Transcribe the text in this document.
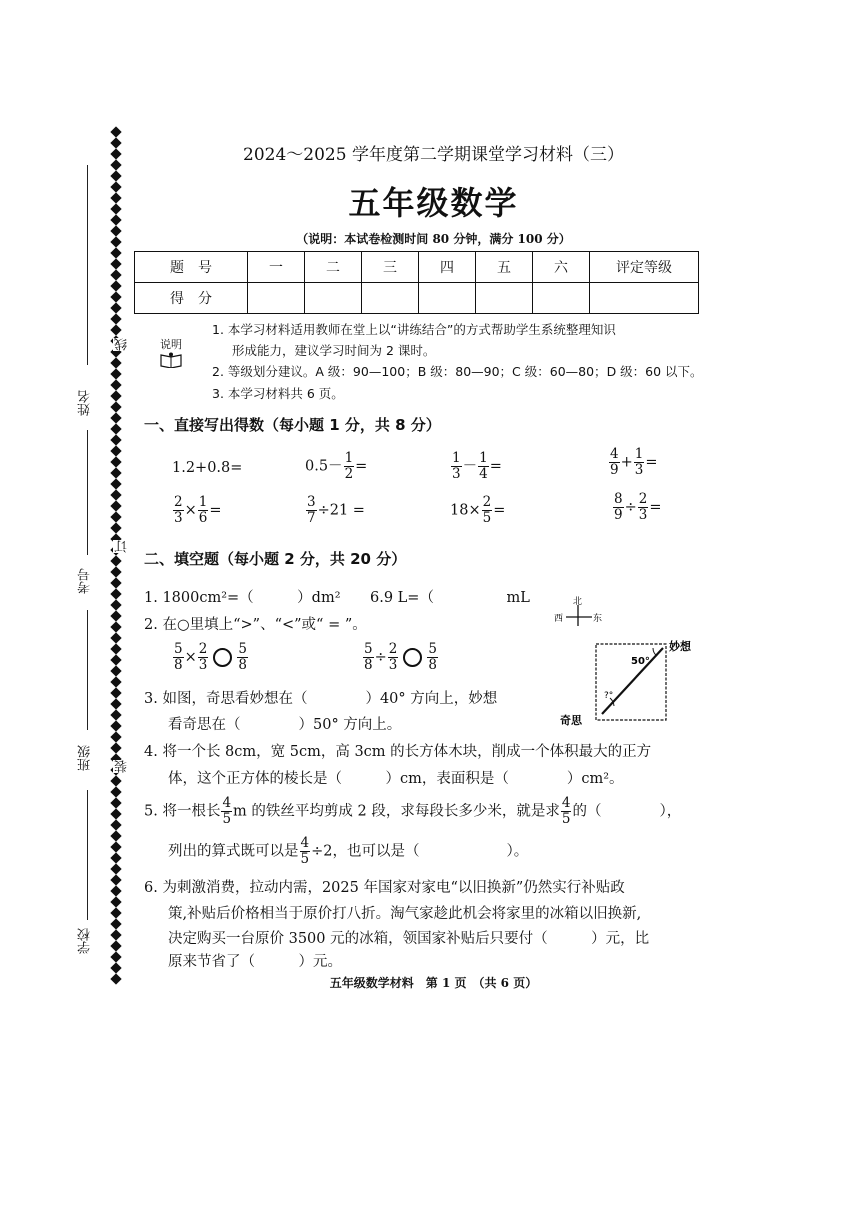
姓名
考号
班级
学校
线
订
装
2024～2025 学年度第二学期课堂学习材料（三）
五年级数学
（说明：本试卷检测时间 80 分钟，满分 100 分）
题　号	一	二	三	四	五	六	评定等级
得　分							
说明
1. 本学习材料适用教师在堂上以“讲练结合”的方式帮助学生系统整理知识
形成能力，建议学习时间为 2 课时。
2. 等级划分建议。A 级：90—100；B 级：80—90；C 级：60—80；D 级：60 以下。
3. 本学习材料共 6 页。
一、直接写出得数（每小题 1 分，共 8 分）
1.2+0.8=	$0.5- \frac{1}{2}$ =	$\frac{1}{3} - \frac{1}{4}$ =	$\frac{4}{9} + \frac{1}{3}$ =
$\frac{2}{3} \times \frac{1}{6}$ =	$\frac{3}{7} \div 21$ =	$18\times \frac{2}{5}$ =	$\frac{8}{9} \div \frac{2}{3}$ =
二、填空题（每小题 2 分，共 20 分）
1. 1800cm²=（　　　）dm² 6.9 L=（　　　　　mL
2. 在○里填上“>”、“<”或“ = ”。
$\frac{5}{8} \times \frac{2}{3} \frac{5}{8}$	$\frac{5}{8} \div \frac{2}{3} \frac{5}{8}$
3. 如图，奇思看妙想在（　　　　）40° 方向上，妙想
看奇思在（　　　　）50° 方向上。
北
西	东
妙想
50°
?°
奇思
4. 将一个长 8cm，宽 5cm，高 3cm 的长方体木块，削成一个体积最大的正方
体，这个正方体的棱长是（　　　）cm，表面积是（　　　　）cm²。
5. 将一根长 $\frac{4}{5}$ m 的铁丝平均剪成 2 段，求每段长多少米，就是求 $\frac{4}{5}$ 的（　　　　），
列出的算式既可以是 $\frac{4}{5} \div 2$，也可以是（　　　　　　）。
6. 为刺激消费，拉动内需，2025 年国家对家电“以旧换新”仍然实行补贴政
策,补贴后价格相当于原价打八折。淘气家趁此机会将家里的冰箱以旧换新,
决定购买一台原价 3500 元的冰箱，领国家补贴后只要付（　　　）元，比
原来节省了（　　　）元。
五年级数学材料　第 1 页　（共 6 页）
